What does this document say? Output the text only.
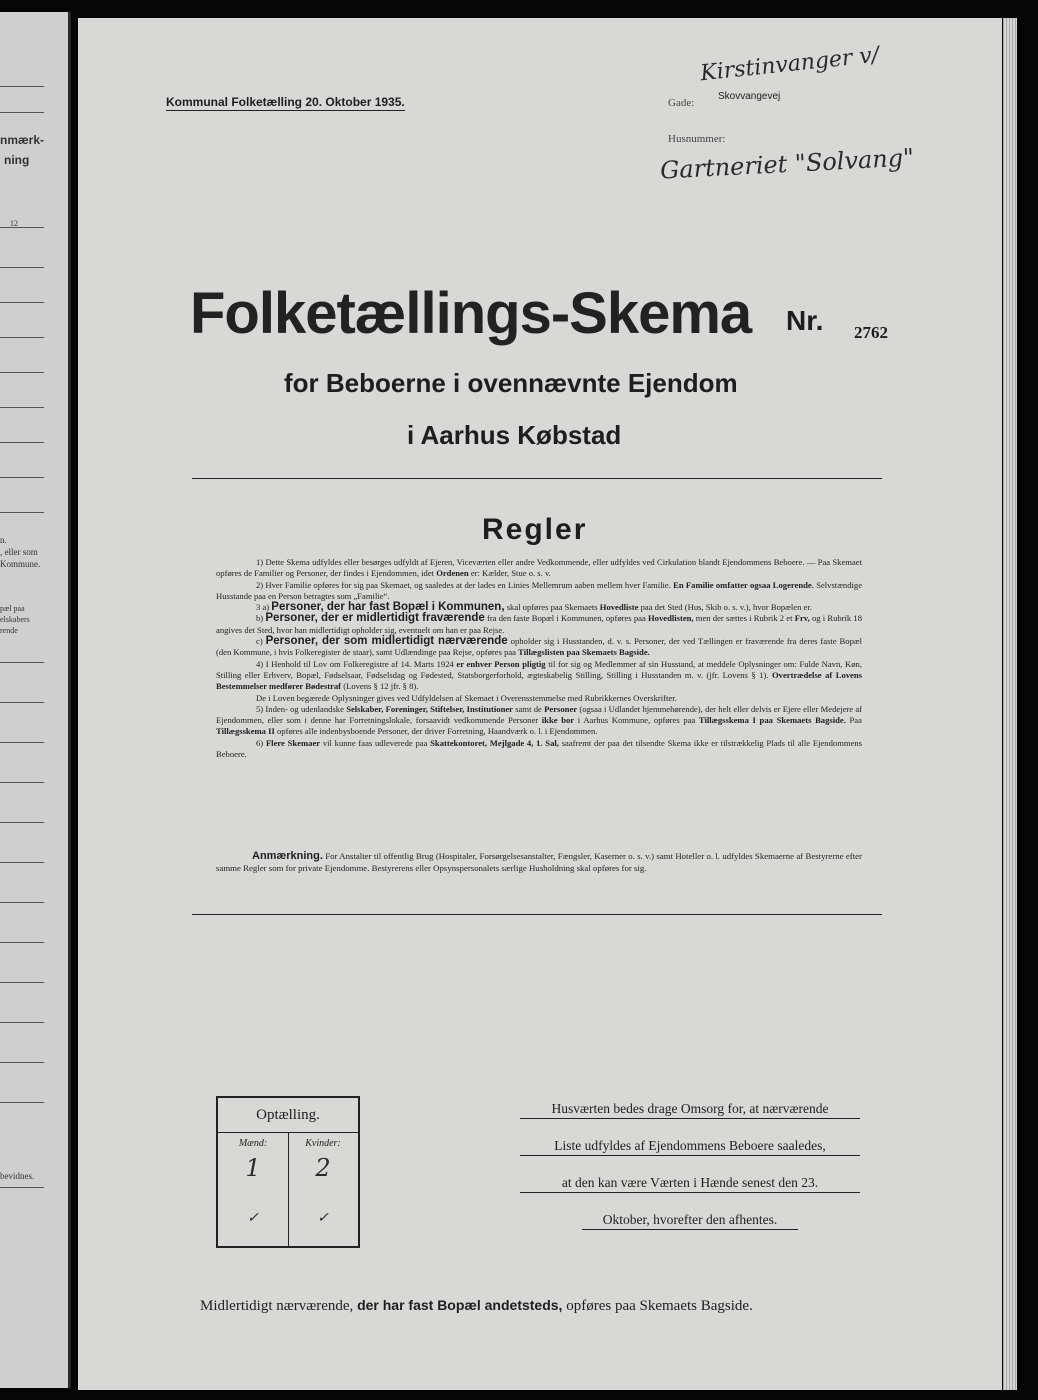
nmærk-
ning
12
n.
, eller som
Kommune.
pæl paa
elskabers
rende
bevidnes.
Kommunal Folketælling 20. Oktober 1935.	Gade:
Skovvangevej
Kirstinvanger v/
Husnummer:
Gartneriet "Solvang"
Folketællings-Skema Nr. 2762
for Beboerne i ovennævnte Ejendom
i Aarhus Købstad
Regler

1) Dette Skema udfyldes eller besørges udfyldt af Ejeren, Viceværten eller andre Vedkommende, eller udfyldes ved Cirkulation blandt Ejendommens Beboere. — Paa Skemaet opføres de Familier og Personer, der findes i Ejendommen, idet Ordenen er: Kælder, Stue o. s. v.

2) Hver Familie opføres for sig paa Skemaet, og saaledes at der lades en Linies Mellemrum aaben mellem hver Familie. En Familie omfatter ogsaa Logerende. Selvstændige Husstande paa en Person betragtes som „Familie“.

3 a) Personer, der har fast Bopæl i Kommunen, skal opføres paa Skemaets Hovedliste paa det Sted (Hus, Skib o. s. v.), hvor Bopælen er.

b) Personer, der er midlertidigt fraværende fra den faste Bopæl i Kommunen, opføres paa Hovedlisten, men der sættes i Rubrik 2 et Frv, og i Rubrik 18 angives det Sted, hvor han midlertidigt opholder sig, eventuelt om han er paa Rejse.

c) Personer, der som midlertidigt nærværende opholder sig i Husstanden, d. v. s. Personer, der ved Tællingen er fraværende fra deres faste Bopæl (den Kommune, i hvis Folkeregister de staar), samt Udlændinge paa Rejse, opføres paa Tillægslisten paa Skemaets Bagside.

4) I Henhold til Lov om Folkeregistre af 14. Marts 1924 er enhver Person pligtig til for sig og Medlemmer af sin Husstand, at meddele Oplysninger om: Fulde Navn, Køn, Stilling eller Erhverv, Bopæl, Fødselsaar, Fødselsdag og Fødested, Statsborgerforhold, ægteskabelig Stilling, Stilling i Husstanden m. v. (jfr. Lovens § 1). Overtrædelse af Lovens Bestemmelser medfører Bødestraf (Lovens § 12 jfr. § 8).

De i Loven begærede Oplysninger gives ved Udfyldelsen af Skemaet i Overensstemmelse med Rubrikkernes Overskrifter.

5) Inden- og udenlandske Selskaber, Foreninger, Stiftelser, Institutioner samt de Personer (ogsaa i Udlandet hjemmehørende), der helt eller delvis er Ejere eller Medejere af Ejendommen, eller som i denne har Forretningslokale, forsaavidt vedkommende Personer ikke bor i Aarhus Kommune, opføres paa Tillægsskema I paa Skemaets Bagside. Paa Tillægsskema II opføres alle indenbysboende Personer, der driver Forretning, Haandværk o. l. i Ejendommen.

6) Flere Skemaer vil kunne faas udleverede paa Skattekontoret, Mejlgade 4, 1. Sal, saafremt der paa det tilsendte Skema ikke er tilstrækkelig Plads til alle Ejendommens Beboere.

Anmærkning. For Anstalter til offentlig Brug (Hospitaler, Forsørgelsesanstalter, Fængsler, Kaserner o. s. v.) samt Hoteller o. l. udfyldes Skemaerne af Bestyrerne efter samme Regler som for private Ejendomme. Bestyrerens eller Opsynspersonalets særlige Husholdning skal opføres for sig.
Optælling.
Mænd:	Kvinder:
1	2
✓	✓
Husværten bedes drage Omsorg for, at nærværende
Liste udfyldes af Ejendommens Beboere saaledes,
at den kan være Værten i Hænde senest den 23.
Oktober, hvorefter den afhentes.
Midlertidigt nærværende, der har fast Bopæl andetsteds, opføres paa Skemaets Bagside.
